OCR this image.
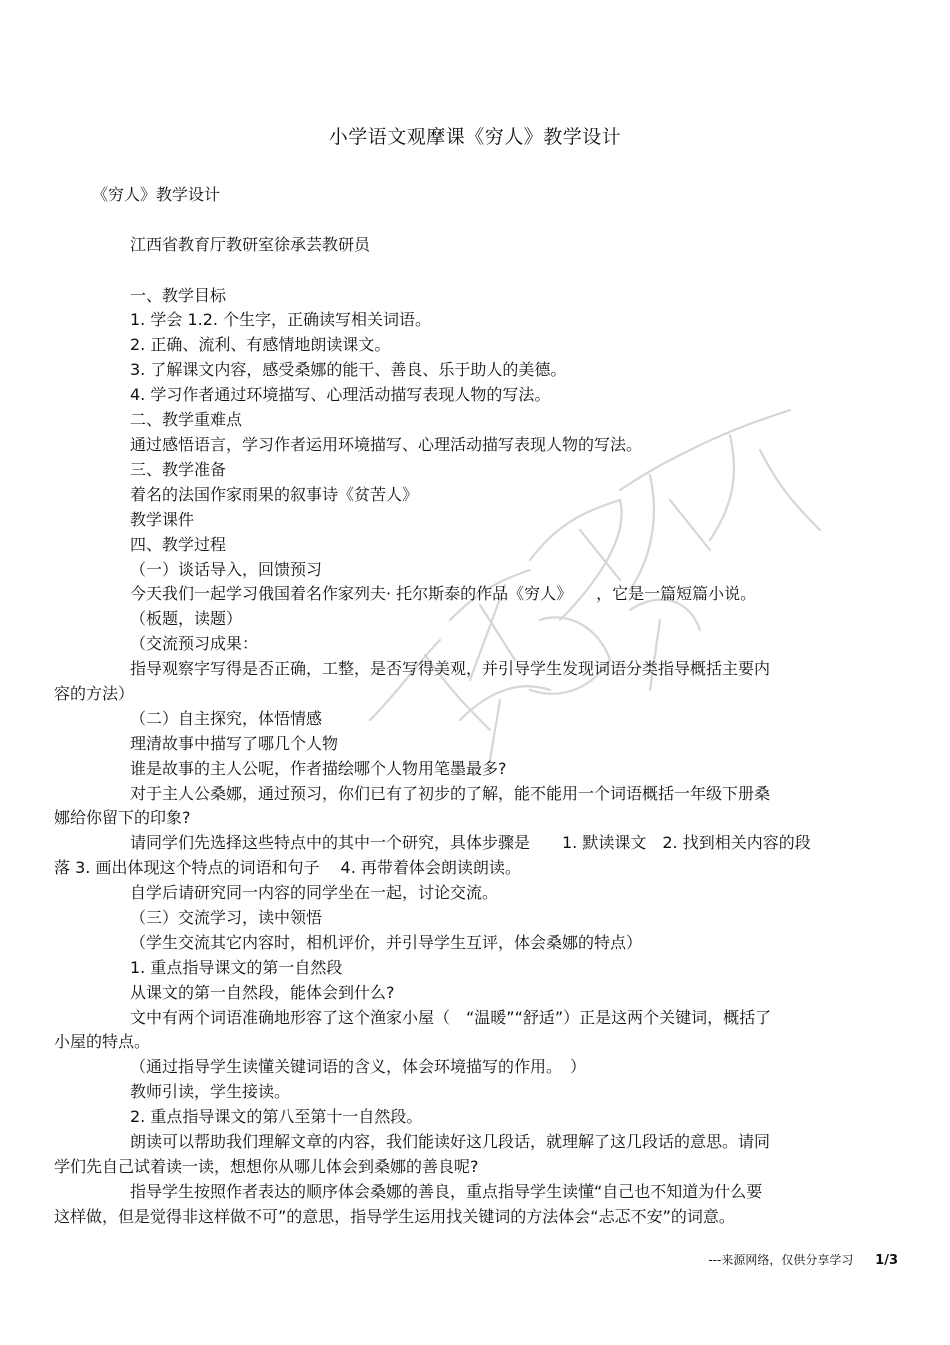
小学语文观摩课《穷人》教学设计
《穷人》教学设计
江西省教育厅教研室徐承芸教研员
一、教学目标
1. 学会 1.2. 个生字，正确读写相关词语。
2. 正确、流利、有感情地朗读课文。
3. 了解课文内容，感受桑娜的能干、善良、乐于助人的美德。
4. 学习作者通过环境描写、心理活动描写表现人物的写法。
二、教学重难点
通过感悟语言，学习作者运用环境描写、心理活动描写表现人物的写法。
三、教学准备
着名的法国作家雨果的叙事诗《贫苦人》
教学课件
四、教学过程
（一）谈话导入，回馈预习
今天我们一起学习俄国着名作家列夫· 托尔斯泰的作品《穷人》　　，它是一篇短篇小说。
（板题，读题）
（交流预习成果：
指导观察字写得是否正确，工整，是否写得美观，并引导学生发现词语分类指导概括主要内
容的方法）
（二）自主探究，体悟情感
理清故事中描写了哪几个人物
谁是故事的主人公呢，作者描绘哪个人物用笔墨最多?
对于主人公桑娜，通过预习，你们已有了初步的了解，能不能用一个词语概括一年级下册桑
娜给你留下的印象?
请同学们先选择这些特点中的其中一个研究，具体步骤是　　1. 默读课文　2. 找到相关内容的段
落 3. 画出体现这个特点的词语和句子　 4. 再带着体会朗读朗读。
自学后请研究同一内容的同学坐在一起，讨论交流。
（三）交流学习，读中领悟
（学生交流其它内容时，相机评价，并引导学生互评，体会桑娜的特点）
1. 重点指导课文的第一自然段
从课文的第一自然段，能体会到什么?
文中有两个词语准确地形容了这个渔家小屋（　“温暖”“舒适”）正是这两个关键词，概括了
小屋的特点。
（通过指导学生读懂关键词语的含义，体会环境描写的作用。　）
教师引读，学生接读。
2. 重点指导课文的第八至第十一自然段。
朗读可以帮助我们理解文章的内容，我们能读好这几段话，就理解了这几段话的意思。请同
学们先自己试着读一读，想想你从哪儿体会到桑娜的善良呢?
指导学生按照作者表达的顺序体会桑娜的善良，重点指导学生读懂“自己也不知道为什么要
这样做，但是觉得非这样做不可”的意思，指导学生运用找关键词的方法体会“忐忑不安”的词意。
---来源网络，仅供分享学习 1/3
